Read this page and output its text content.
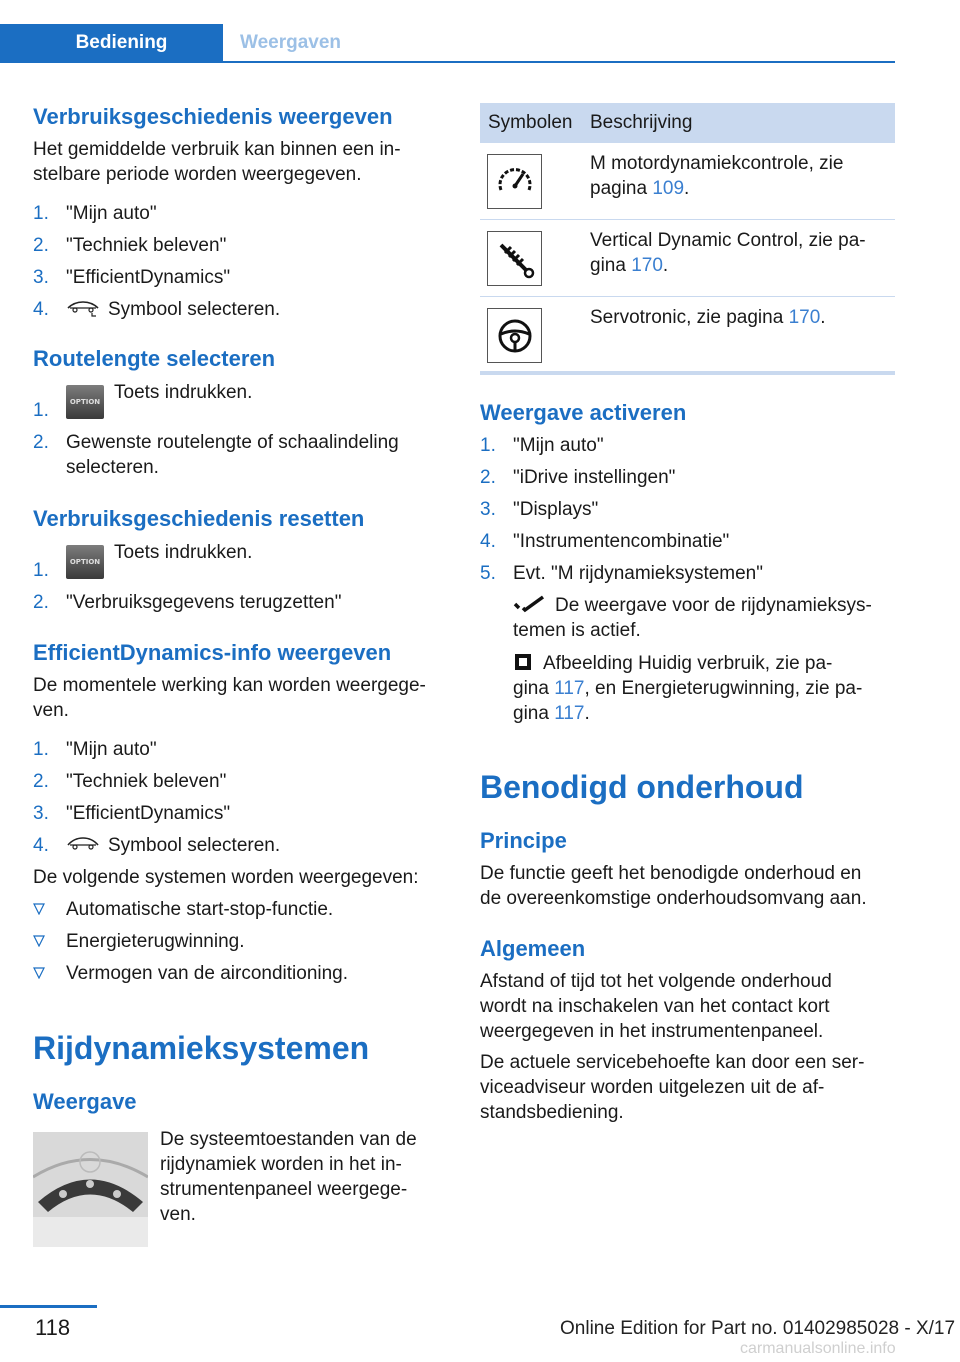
Bediening	Weergaven
Verbruiksgeschiedenis weergeven
Het gemiddelde verbruik kan binnen een in-
stelbare periode worden weergegeven.
1. "Mijn auto"
2. "Techniek beleven"
3. "EfficientDynamics"
4.	Symbool selecteren.
Routelengte selecteren
1.	OPTION Toets indrukken.
2. Gewenste routelengte of schaalindeling
selecteren.
Verbruiksgeschiedenis resetten
1.	OPTION Toets indrukken.
2. "Verbruiksgegevens terugzetten"
EfficientDynamics-info weergeven
De momentele werking kan worden weergege-
ven.
1. "Mijn auto"
2. "Techniek beleven"
3. "EfficientDynamics"
4.	Symbool selecteren.
De volgende systemen worden weergegeven:
Automatische start-stop-functie.
Energieterugwinning.
Vermogen van de airconditioning.
Rijdynamieksystemen
Weergave
De systeemtoestanden van de
rijdynamiek worden in het in-
strumentenpaneel weergege-
ven.
Symbolen Beschrijving
M motordynamiekcontrole, zie
pagina 109.
Vertical Dynamic Control, zie pa-
gina 170.
Servotronic, zie pagina 170.
Weergave activeren
1. "Mijn auto"
2. "iDrive instellingen"
3. "Displays"
4. "Instrumentencombinatie"
5. Evt. "M rijdynamieksystemen"
De weergave voor de rijdynamieksys-
temen is actief.
Afbeelding Huidig verbruik, zie pa-
gina 117, en Energieterugwinning, zie pa-
gina 117.
Benodigd onderhoud
Principe
De functie geeft het benodigde onderhoud en
de overeenkomstige onderhoudsomvang aan.
Algemeen
Afstand of tijd tot het volgende onderhoud
wordt na inschakelen van het contact kort
weergegeven in het instrumentenpaneel.
De actuele servicebehoefte kan door een ser-
viceadviseur worden uitgelezen uit de af-
standsbediening.
118	Online Edition for Part no. 01402985028 - X/17
carmanualsonline.info
